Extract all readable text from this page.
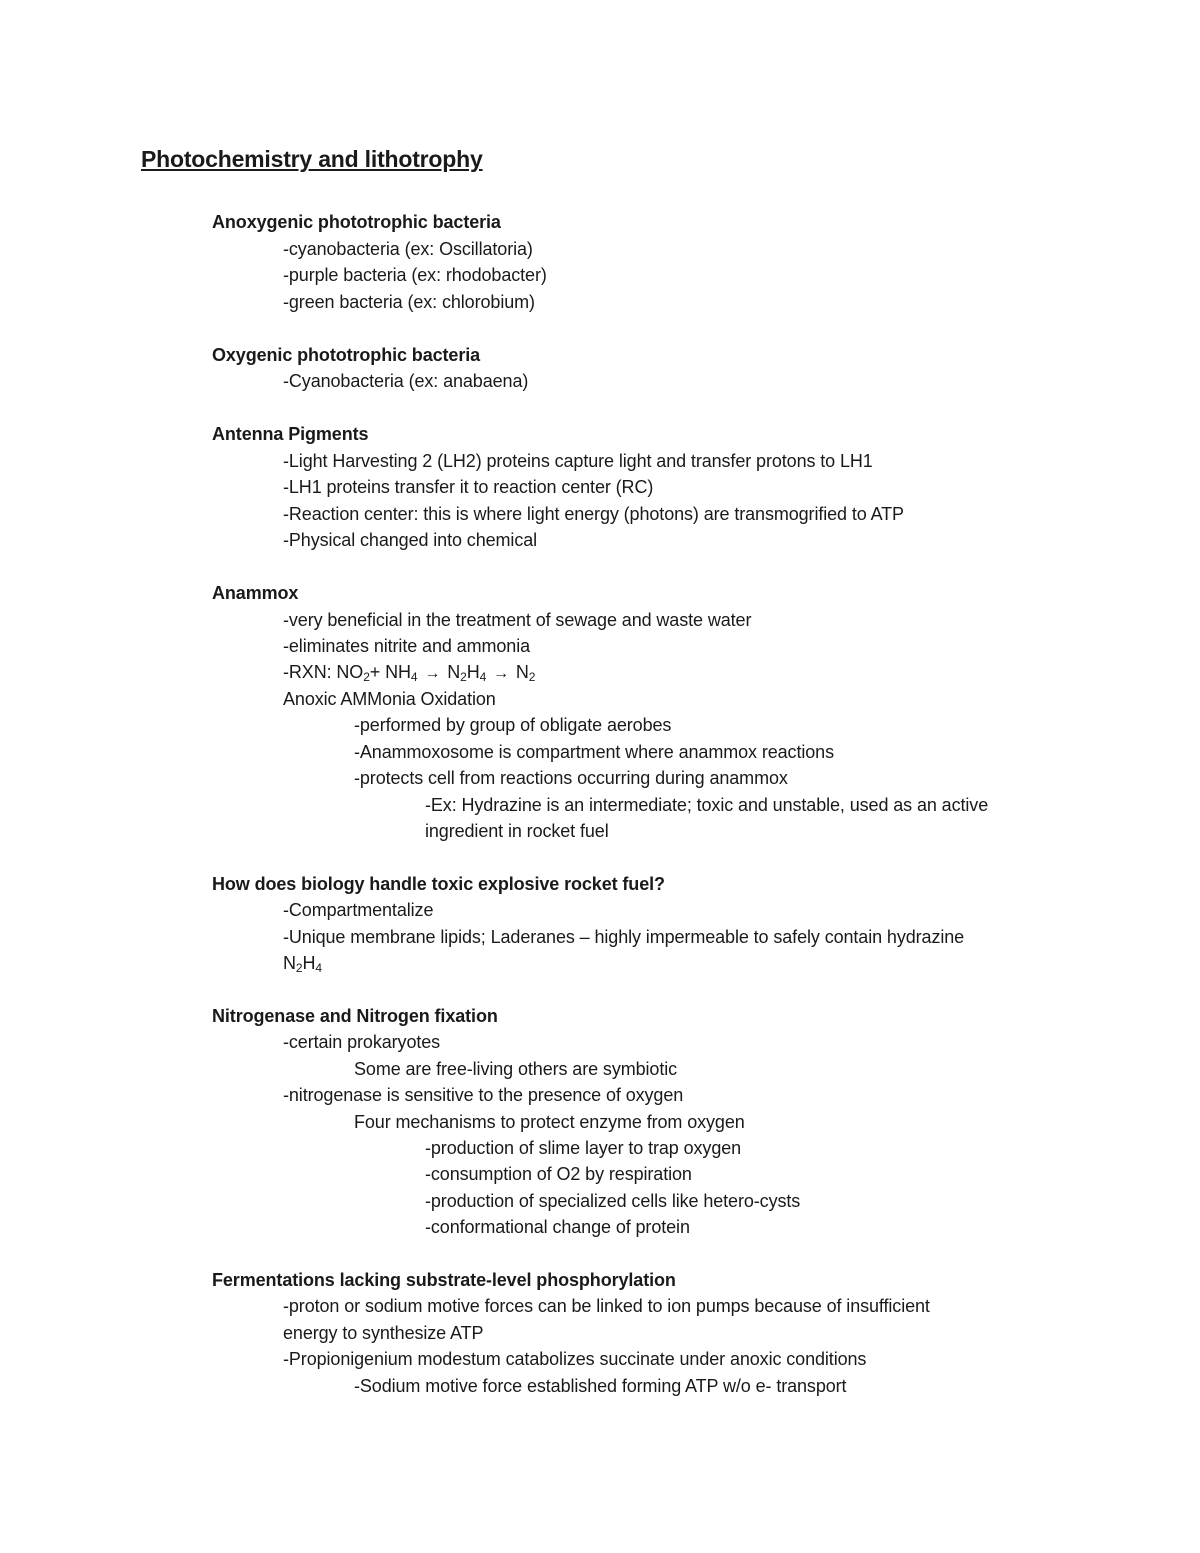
Photochemistry and lithotrophy
Anoxygenic phototrophic bacteria
-cyanobacteria (ex: Oscillatoria)
-purple bacteria (ex: rhodobacter)
-green bacteria (ex: chlorobium)
Oxygenic phototrophic bacteria
-Cyanobacteria (ex: anabaena)
Antenna Pigments
-Light Harvesting 2 (LH2) proteins capture light and transfer protons to LH1
-LH1 proteins transfer it to reaction center (RC)
-Reaction center: this is where light energy (photons) are transmogrified to ATP
-Physical changed into chemical
Anammox
-very beneficial in the treatment of sewage and waste water
-eliminates nitrite and ammonia
-RXN: $NO_2+ NH_4 \to N_2H_4 \to N_2$
Anoxic AMMonia Oxidation
-performed by group of obligate aerobes
-Anammoxosome is compartment where anammox reactions
-protects cell from reactions occurring during anammox
-Ex: Hydrazine is an intermediate; toxic and unstable, used as an active
ingredient in rocket fuel
How does biology handle toxic explosive rocket fuel?
-Compartmentalize
-Unique membrane lipids; Laderanes – highly impermeable to safely contain hydrazine
$N_2H_4$
Nitrogenase and Nitrogen fixation
-certain prokaryotes
Some are free-living others are symbiotic
-nitrogenase is sensitive to the presence of oxygen
Four mechanisms to protect enzyme from oxygen
-production of slime layer to trap oxygen
-consumption of O2 by respiration
-production of specialized cells like hetero-cysts
-conformational change of protein
Fermentations lacking substrate-level phosphorylation
-proton or sodium motive forces can be linked to ion pumps because of insufficient
energy to synthesize ATP
-Propionigenium modestum catabolizes succinate under anoxic conditions
-Sodium motive force established forming ATP w/o e- transport
